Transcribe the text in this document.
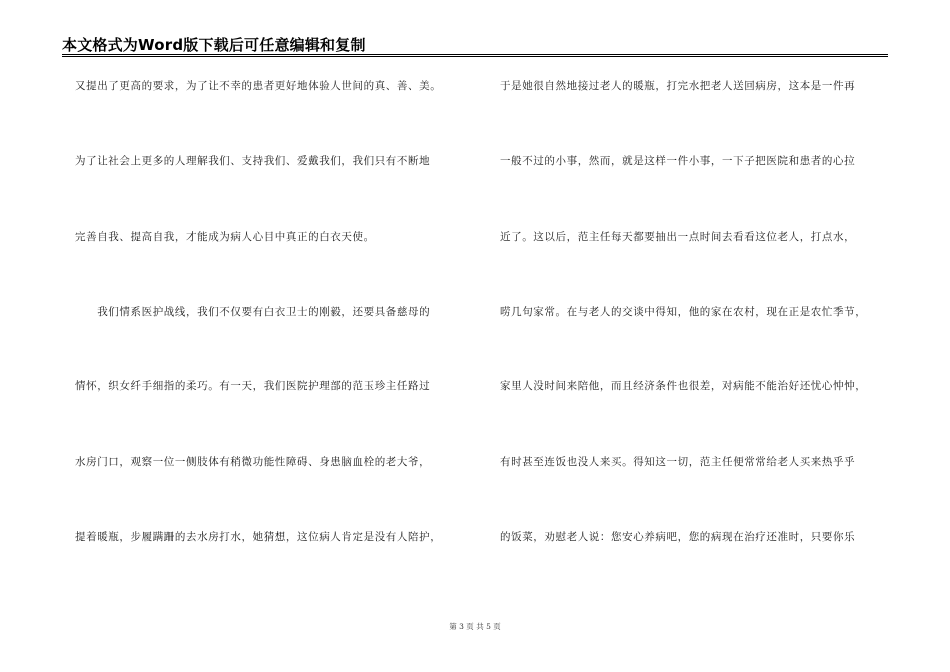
本文格式为Word版下载后可任意编辑和复制
又提出了更高的要求，为了让不幸的患者更好地体验人世间的真、善、美。
为了让社会上更多的人理解我们、支持我们、爱戴我们，我们只有不断地
完善自我、提高自我，才能成为病人心目中真正的白衣天使。
　　我们情系医护战线，我们不仅要有白衣卫士的刚毅，还要具备慈母的
情怀，织女纤手细指的柔巧。有一天，我们医院护理部的范玉珍主任路过
水房门口，观察一位一侧肢体有稍微功能性障碍、身患脑血栓的老大爷，
提着暖瓶，步履蹒跚的去水房打水，她猜想，这位病人肯定是没有人陪护，
于是她很自然地接过老人的暖瓶，打完水把老人送回病房，这本是一件再
一般不过的小事，然而，就是这样一件小事，一下子把医院和患者的心拉
近了。这以后，范主任每天都要抽出一点时间去看看这位老人，打点水，
唠几句家常。在与老人的交谈中得知，他的家在农村，现在正是农忙季节，
家里人没时间来陪他，而且经济条件也很差，对病能不能治好还忧心忡忡，
有时甚至连饭也没人来买。得知这一切，范主任便常常给老人买来热乎乎
的饭菜，劝慰老人说：您安心养病吧，您的病现在治疗还准时，只要你乐
第 3 页 共 5 页
